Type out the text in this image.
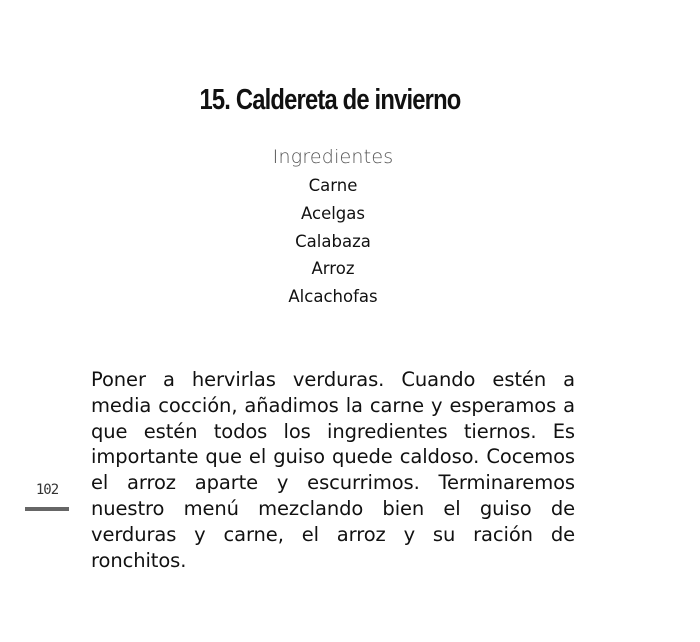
15. Caldereta de invierno
Ingredientes
Carne
Acelgas
Calabaza
Arroz
Alcachofas

Poner a hervirlas verduras. Cuando estén a media cocción, añadimos la carne y esperamos a que estén todos los ingredientes tiernos. Es importante que el guiso quede caldoso. Cocemos el arroz aparte y escurrimos. Terminaremos nuestro menú mezclando bien el guiso de verduras y carne, el arroz y su ración de ronchitos.

102
